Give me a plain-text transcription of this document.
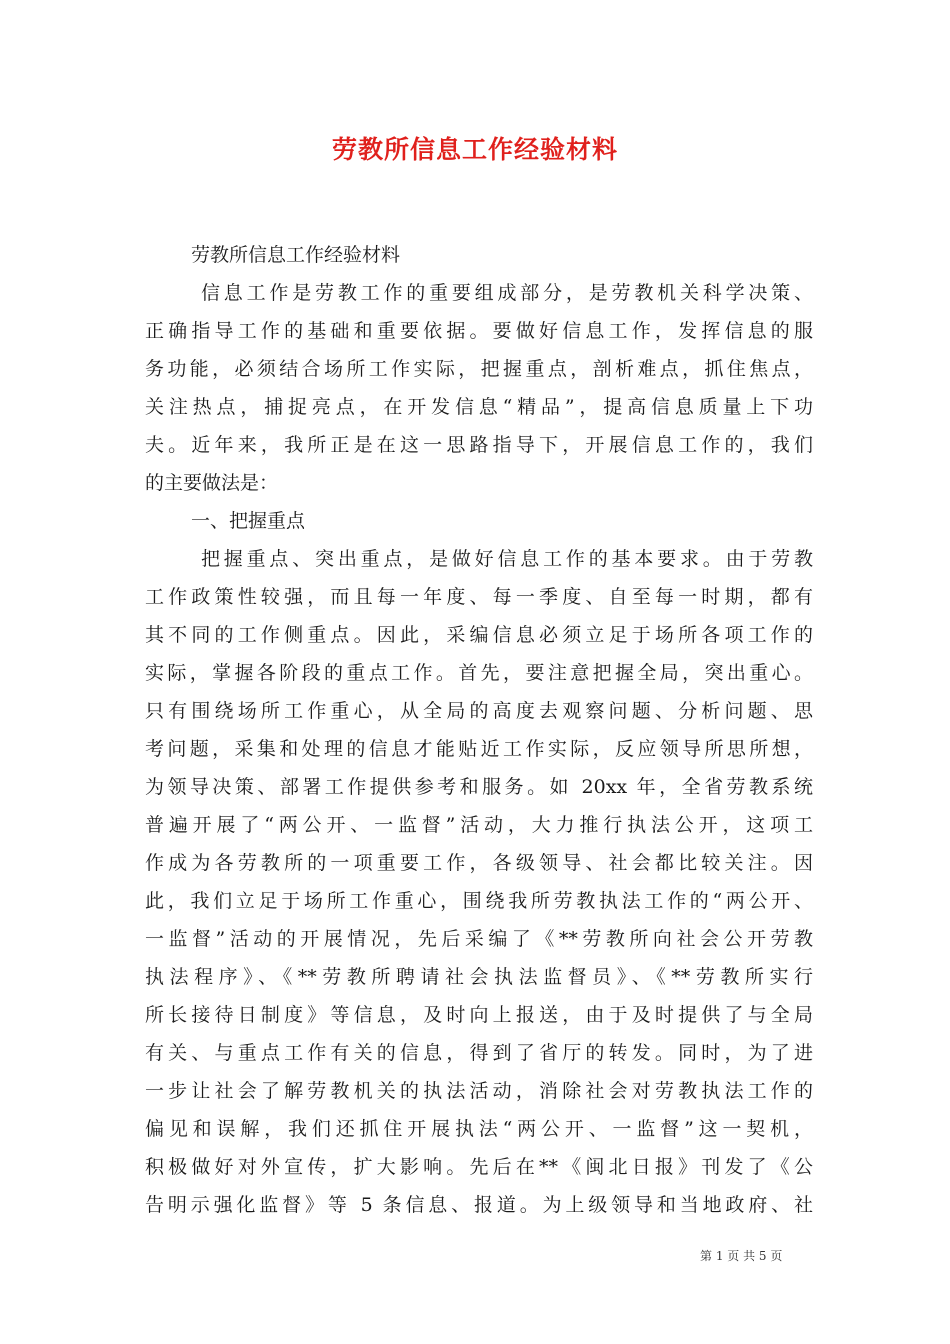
劳教所信息工作经验材料
劳教所信息工作经验材料
信息工作是劳教工作的重要组成部分，是劳教机关科学决策、
正确指导工作的基础和重要依据。要做好信息工作，发挥信息的服
务功能，必须结合场所工作实际，把握重点，剖析难点，抓住焦点，
关注热点，捕捉亮点，在开发信息“精品”，提高信息质量上下功
夫。近年来，我所正是在这一思路指导下，开展信息工作的，我们
的主要做法是：
一、把握重点
把握重点、突出重点，是做好信息工作的基本要求。由于劳教
工作政策性较强，而且每一年度、每一季度、自至每一时期，都有
其不同的工作侧重点。因此，采编信息必须立足于场所各项工作的
实际，掌握各阶段的重点工作。首先，要注意把握全局，突出重心。
只有围绕场所工作重心，从全局的高度去观察问题、分析问题、思
考问题，采集和处理的信息才能贴近工作实际，反应领导所思所想，
为领导决策、部署工作提供参考和服务。如 20xx 年，全省劳教系统
普遍开展了“两公开、一监督”活动，大力推行执法公开，这项工
作成为各劳教所的一项重要工作，各级领导、社会都比较关注。因
此，我们立足于场所工作重心，围绕我所劳教执法工作的“两公开、
一监督”活动的开展情况，先后采编了《**劳教所向社会公开劳教
执法程序》、《**劳教所聘请社会执法监督员》、《**劳教所实行
所长接待日制度》等信息，及时向上报送，由于及时提供了与全局
有关、与重点工作有关的信息，得到了省厅的转发。同时，为了进
一步让社会了解劳教机关的执法活动，消除社会对劳教执法工作的
偏见和误解，我们还抓住开展执法“两公开、一监督”这一契机，
积极做好对外宣传，扩大影响。先后在**《闽北日报》刊发了《公
告明示强化监督》等 5 条信息、报道。为上级领导和当地政府、社
第 1 页 共 5 页
